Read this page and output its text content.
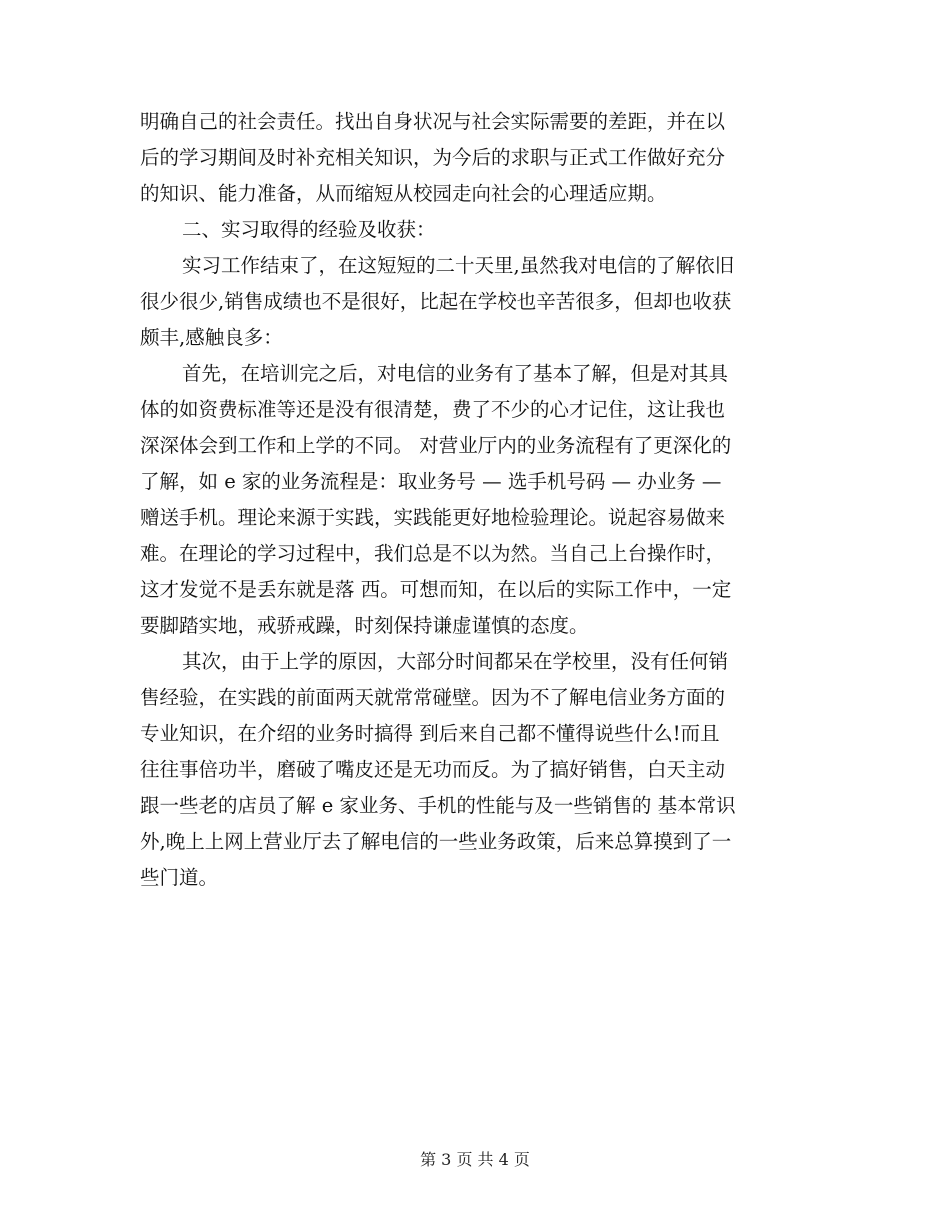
明确自己的社会责任。找出自身状况与社会实际需要的差距，并在以
后的学习期间及时补充相关知识，为今后的求职与正式工作做好充分
的知识、能力准备，从而缩短从校园走向社会的心理适应期。
二、实习取得的经验及收获：
实习工作结束了，在这短短的二十天里,虽然我对电信的了解依旧
很少很少,销售成绩也不是很好，比起在学校也辛苦很多，但却也收获
颇丰,感触良多：
首先，在培训完之后，对电信的业务有了基本了解，但是对其具
体的如资费标准等还是没有很清楚，费了不少的心才记住，这让我也
深深体会到工作和上学的不同。 对营业厅内的业务流程有了更深化的
了解，如 e 家的业务流程是：取业务号 — 选手机号码 — 办业务 —
赠送手机。理论来源于实践，实践能更好地检验理论。说起容易做来
难。在理论的学习过程中，我们总是不以为然。当自己上台操作时，
这才发觉不是丢东就是落 西。可想而知，在以后的实际工作中，一定
要脚踏实地，戒骄戒躁，时刻保持谦虚谨慎的态度。
其次，由于上学的原因，大部分时间都呆在学校里，没有任何销
售经验，在实践的前面两天就常常碰壁。因为不了解电信业务方面的
专业知识，在介绍的业务时搞得 到后来自己都不懂得说些什么!而且
往往事倍功半，磨破了嘴皮还是无功而反。为了搞好销售，白天主动
跟一些老的店员了解 e 家业务、手机的性能与及一些销售的 基本常识
外,晚上上网上营业厅去了解电信的一些业务政策，后来总算摸到了一
些门道。
第 3 页 共 4 页
